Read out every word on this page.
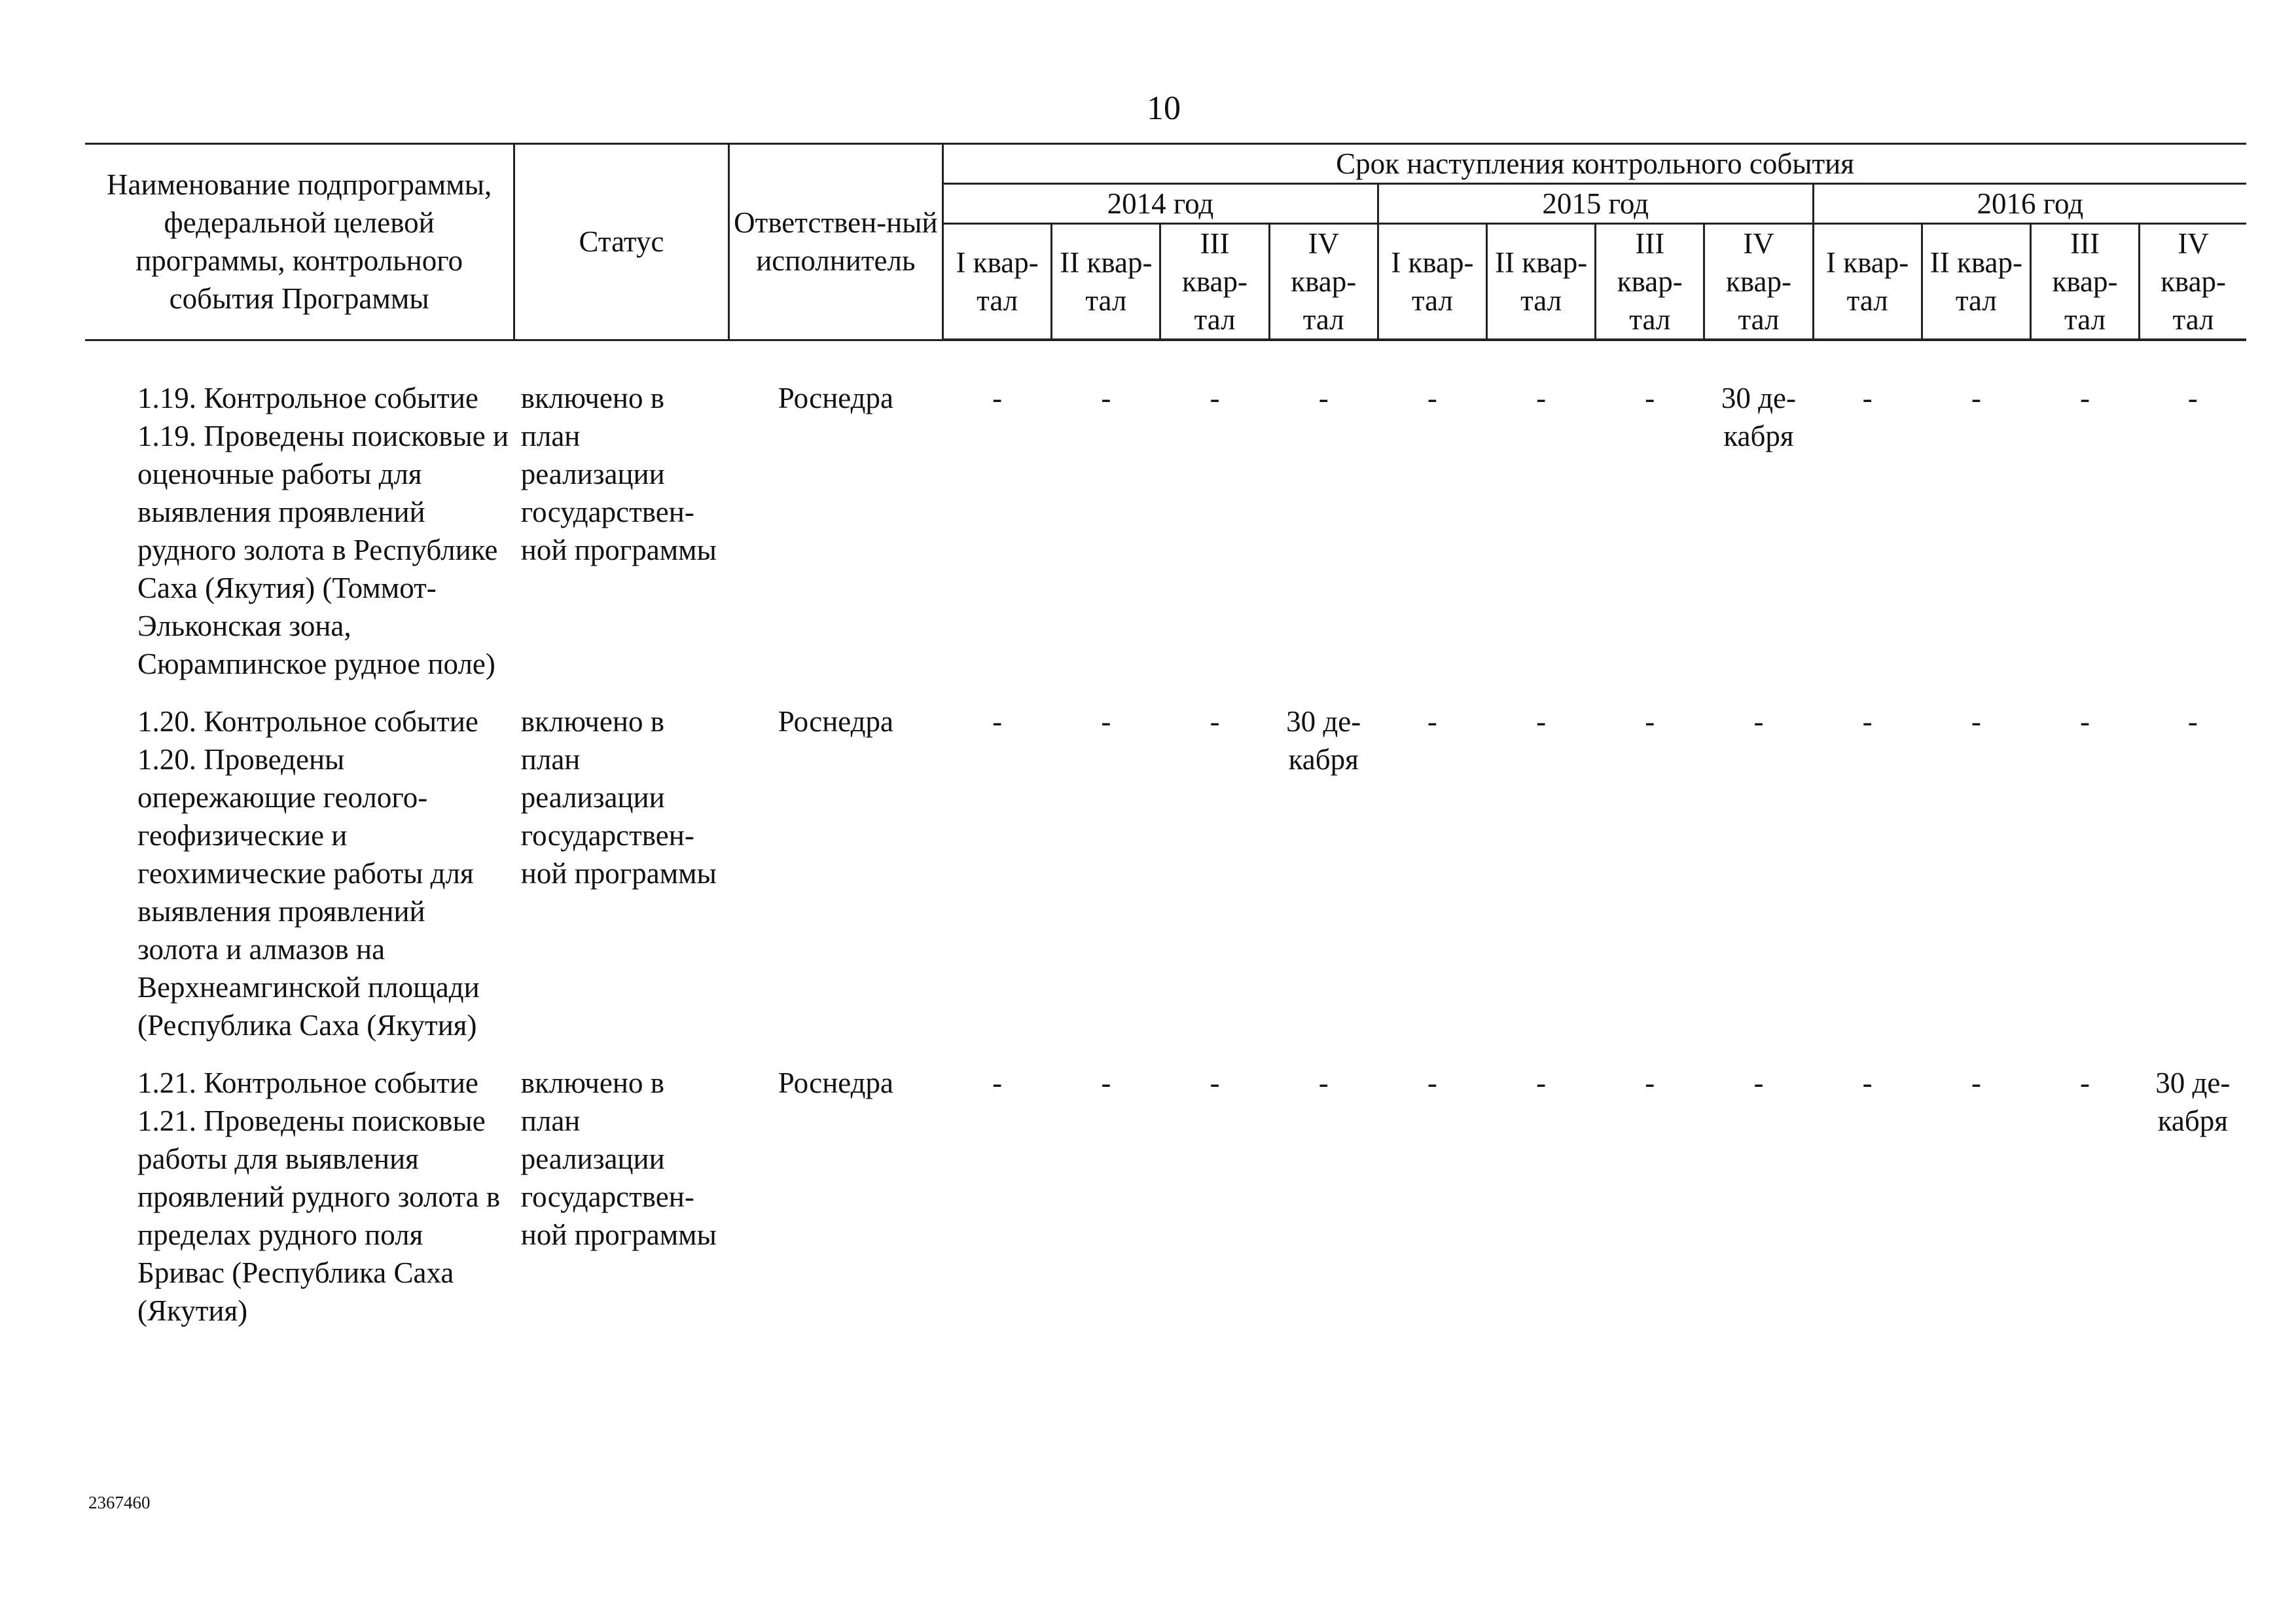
10
Наименование подпрограммы, федеральной целевой программы, контрольного события Программы	Статус	Ответствен-ный исполнитель	Срок наступления контрольного события											
			2014 год				2015 год				2016 год			
			I квар-тал	II квар-тал	III квар-тал	IV квар-тал	I квар-тал	II квар-тал	III квар-тал	IV квар-тал	I квар-тал	II квар-тал	III квар-тал	IV квар-тал

1.19. Контрольное событие 1.19. Проведены поисковые и оценочные работы для выявления проявлений рудного золота в Республике Саха (Якутия) (Томмот-Эльконская зона, Сюрампинское рудное поле)	включено в план реализации государствен-ной программы	Роснедра	-	-	-	-	-	-	-	30 де-кабря	-	-	-	-
1.20. Контрольное событие 1.20. Проведены опережающие геолого-геофизические и геохимические работы для выявления проявлений золота и алмазов на Верхнеамгинской площади (Республика Саха (Якутия)	включено в план реализации государствен-ной программы	Роснедра	-	-	-	30 де-кабря	-	-	-	-	-	-	-	-
1.21. Контрольное событие 1.21. Проведены поисковые работы для выявления проявлений рудного золота в пределах рудного поля Бривас (Республика Саха (Якутия)	включено в план реализации государствен-ной программы	Роснедра	-	-	-	-	-	-	-	-	-	-	-	30 де-кабря
2367460
